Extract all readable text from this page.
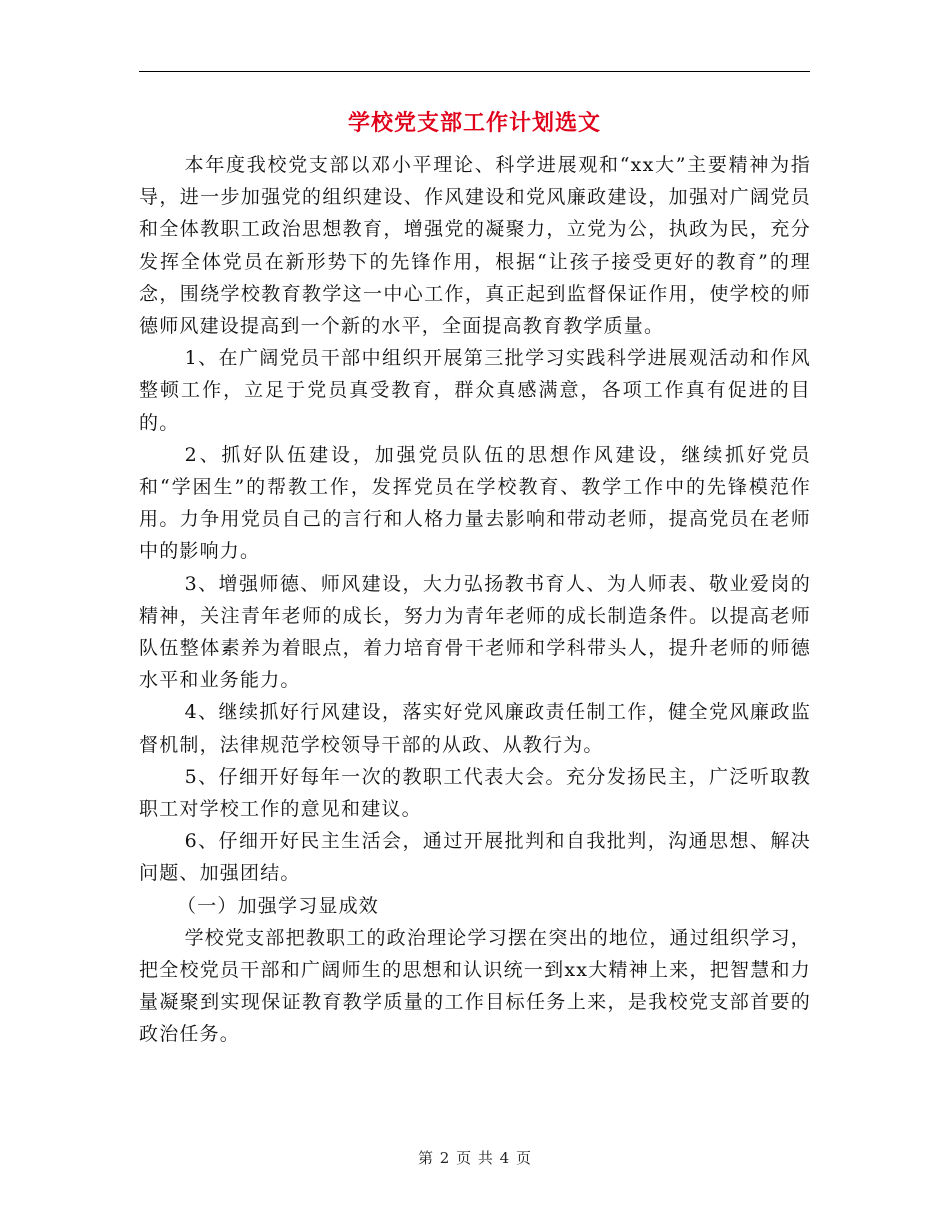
学校党支部工作计划选文

本年度我校党支部以邓小平理论、科学进展观和“xx大”主要精神为指导，进一步加强党的组织建设、作风建设和党风廉政建设，加强对广阔党员和全体教职工政治思想教育，增强党的凝聚力，立党为公，执政为民，充分发挥全体党员在新形势下的先锋作用，根据“让孩子接受更好的教育”的理念，围绕学校教育教学这一中心工作，真正起到监督保证作用，使学校的师德师风建设提高到一个新的水平，全面提高教育教学质量。

1、在广阔党员干部中组织开展第三批学习实践科学进展观活动和作风整顿工作，立足于党员真受教育，群众真感满意，各项工作真有促进的目的。

2、抓好队伍建设，加强党员队伍的思想作风建设，继续抓好党员和“学困生”的帮教工作，发挥党员在学校教育、教学工作中的先锋模范作用。力争用党员自己的言行和人格力量去影响和带动老师，提高党员在老师中的影响力。

3、增强师德、师风建设，大力弘扬教书育人、为人师表、敬业爱岗的精神，关注青年老师的成长，努力为青年老师的成长制造条件。以提高老师队伍整体素养为着眼点，着力培育骨干老师和学科带头人，提升老师的师德水平和业务能力。

4、继续抓好行风建设，落实好党风廉政责任制工作，健全党风廉政监督机制，法律规范学校领导干部的从政、从教行为。

5、仔细开好每年一次的教职工代表大会。充分发扬民主，广泛听取教职工对学校工作的意见和建议。

6、仔细开好民主生活会，通过开展批判和自我批判，沟通思想、解决问题、加强团结。

（一）加强学习显成效

学校党支部把教职工的政治理论学习摆在突出的地位，通过组织学习，把全校党员干部和广阔师生的思想和认识统一到xx大精神上来，把智慧和力量凝聚到实现保证教育教学质量的工作目标任务上来，是我校党支部首要的政治任务。

第 2 页 共 4 页
